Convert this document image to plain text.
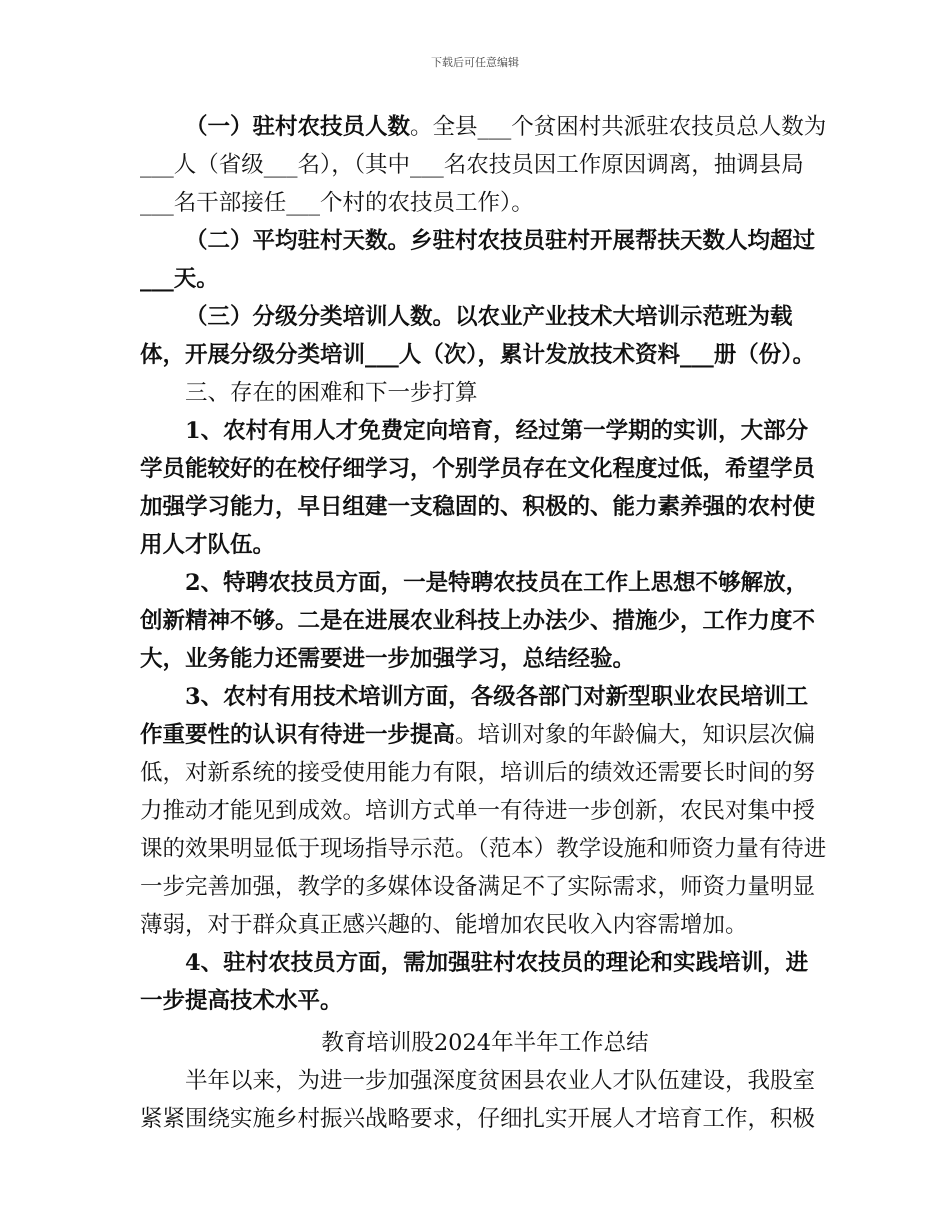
下载后可任意编辑

（一）驻村农技员人数。全县___个贫困村共派驻农技员总人数为___人（省级___名），（其中___名农技员因工作原因调离，抽调县局___名干部接任___个村的农技员工作）。

（二）平均驻村天数。乡驻村农技员驻村开展帮扶天数人均超过___天。

（三）分级分类培训人数。以农业产业技术大培训示范班为载体，开展分级分类培训___人（次），累计发放技术资料___册（份）。

三、存在的困难和下一步打算

1、农村有用人才免费定向培育，经过第一学期的实训，大部分学员能较好的在校仔细学习，个别学员存在文化程度过低，希望学员加强学习能力，早日组建一支稳固的、积极的、能力素养强的农村使用人才队伍。

2、特聘农技员方面，一是特聘农技员在工作上思想不够解放，创新精神不够。二是在进展农业科技上办法少、措施少，工作力度不大，业务能力还需要进一步加强学习，总结经验。

3、农村有用技术培训方面，各级各部门对新型职业农民培训工作重要性的认识有待进一步提高。培训对象的年龄偏大，知识层次偏低，对新系统的接受使用能力有限，培训后的绩效还需要长时间的努力推动才能见到成效。培训方式单一有待进一步创新，农民对集中授课的效果明显低于现场指导示范。（范本）教学设施和师资力量有待进一步完善加强，教学的多媒体设备满足不了实际需求，师资力量明显薄弱，对于群众真正感兴趣的、能增加农民收入内容需增加。

4、驻村农技员方面，需加强驻村农技员的理论和实践培训，进一步提高技术水平。

教育培训股2024年半年工作总结

半年以来，为进一步加强深度贫困县农业人才队伍建设，我股室紧紧围绕实施乡村振兴战略要求，仔细扎实开展人才培育工作，积极
